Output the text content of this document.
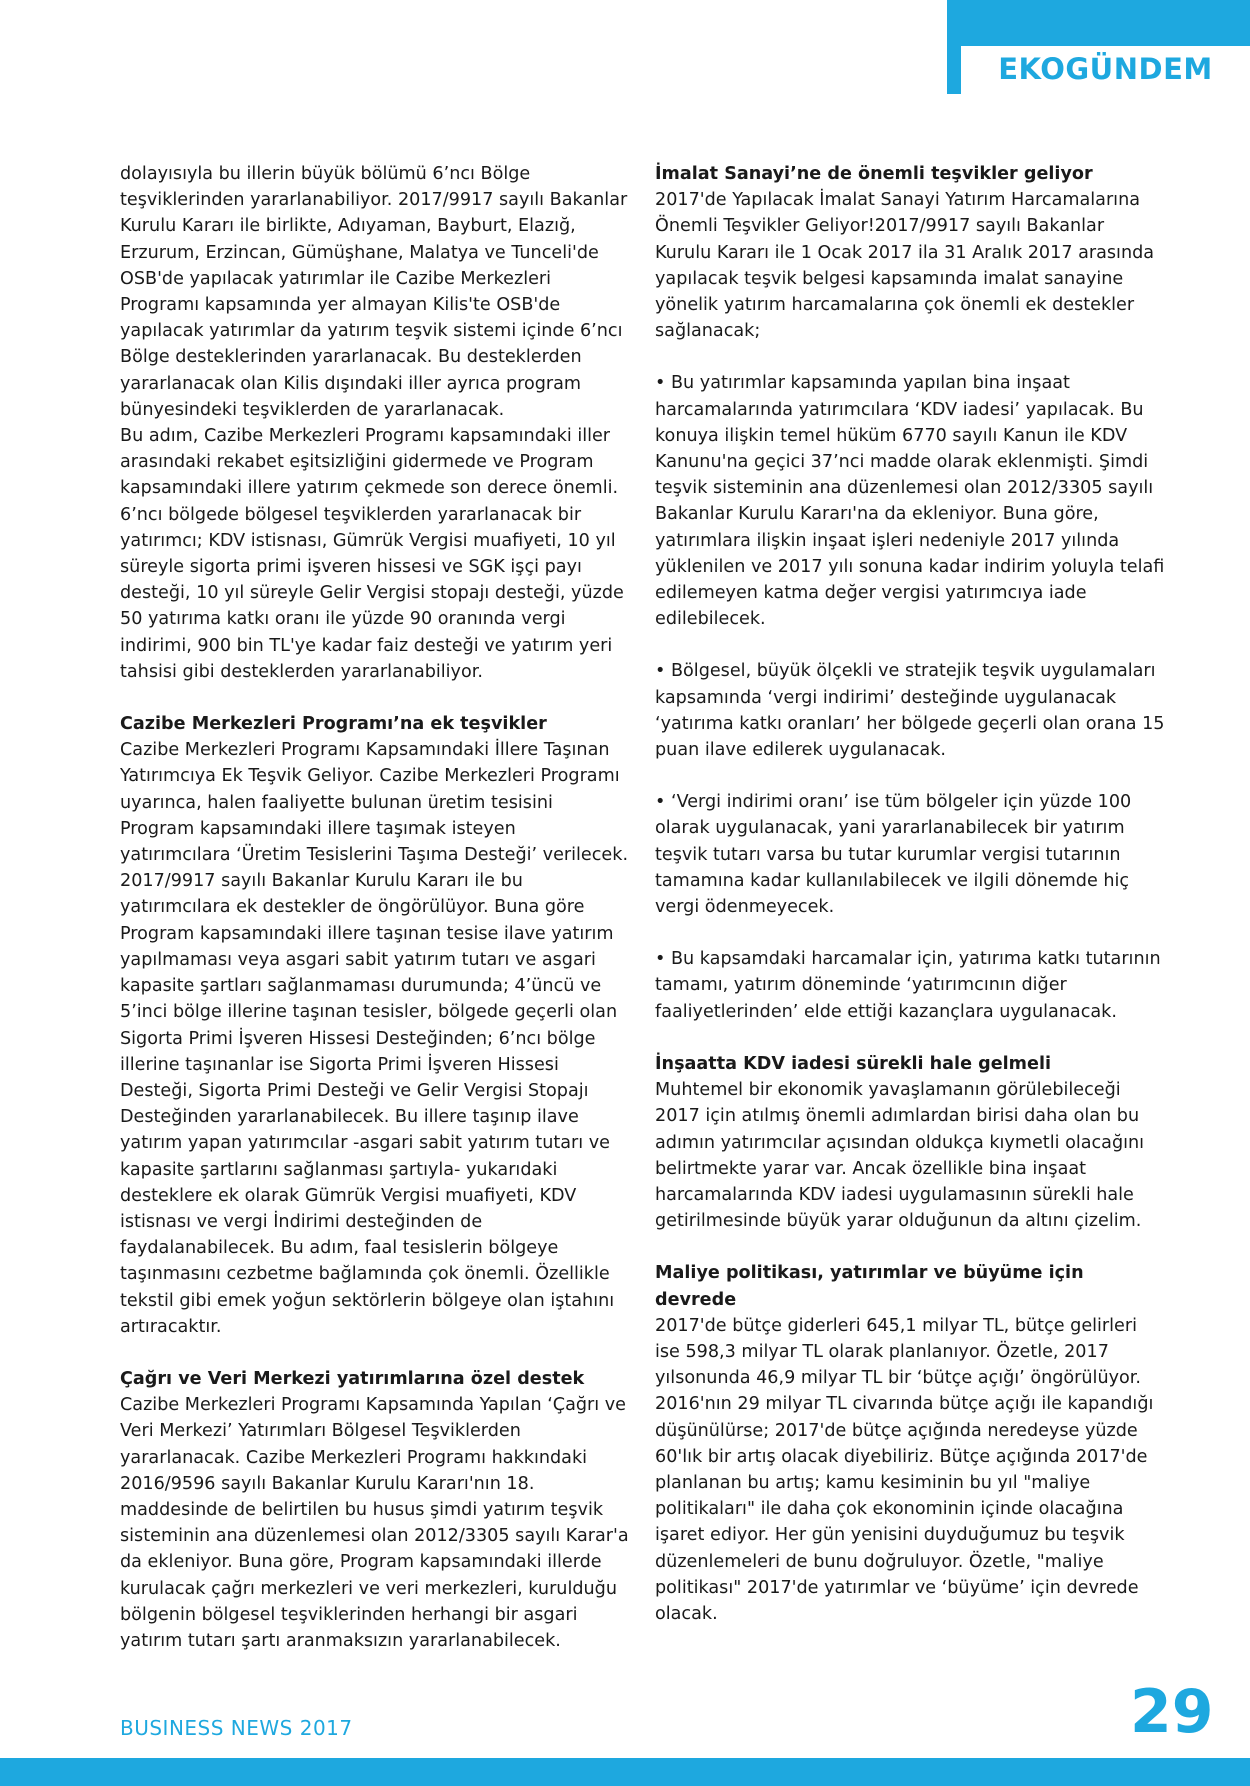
EKOGÜNDEM

dolayısıyla bu illerin büyük bölümü 6’ncı Bölge teşviklerinden yararlanabiliyor. 2017/9917 sayılı Bakanlar Kurulu Kararı ile birlikte, Adıyaman, Bayburt, Elazığ, Erzurum, Erzincan, Gümüşhane, Malatya ve Tunceli'de OSB'de yapılacak yatırımlar ile Cazibe Merkezleri Programı kapsamında yer almayan Kilis'te OSB'de yapılacak yatırımlar da yatırım teşvik sistemi içinde 6’ncı Bölge desteklerinden yararlanacak. Bu desteklerden yararlanacak olan Kilis dışındaki iller ayrıca program bünyesindeki teşviklerden de yararlanacak.
Bu adım, Cazibe Merkezleri Programı kapsamındaki iller arasındaki rekabet eşitsizliğini gidermede ve Program kapsamındaki illere yatırım çekmede son derece önemli.
6’ncı bölgede bölgesel teşviklerden yararlanacak bir yatırımcı; KDV istisnası, Gümrük Vergisi muafiyeti, 10 yıl süreyle sigorta primi işveren hissesi ve SGK işçi payı desteği, 10 yıl süreyle Gelir Vergisi stopajı desteği, yüzde 50 yatırıma katkı oranı ile yüzde 90 oranında vergi indirimi, 900 bin TL'ye kadar faiz desteği ve yatırım yeri tahsisi gibi desteklerden yararlanabiliyor.

Cazibe Merkezleri Programı’na ek teşvikler

Cazibe Merkezleri Programı Kapsamındaki İllere Taşınan Yatırımcıya Ek Teşvik Geliyor. Cazibe Merkezleri Programı uyarınca, halen faaliyette bulunan üretim tesisini Program kapsamındaki illere taşımak isteyen yatırımcılara ‘Üretim Tesislerini Taşıma Desteği’ verilecek. 2017/9917 sayılı Bakanlar Kurulu Kararı ile bu yatırımcılara ek destekler de öngörülüyor. Buna göre Program kapsamındaki illere taşınan tesise ilave yatırım yapılmaması veya asgari sabit yatırım tutarı ve asgari kapasite şartları sağlanmaması durumunda; 4’üncü ve 5’inci bölge illerine taşınan tesisler, bölgede geçerli olan Sigorta Primi İşveren Hissesi Desteğinden; 6’ncı bölge illerine taşınanlar ise Sigorta Primi İşveren Hissesi Desteği, Sigorta Primi Desteği ve Gelir Vergisi Stopajı Desteğinden yararlanabilecek. Bu illere taşınıp ilave yatırım yapan yatırımcılar -asgari sabit yatırım tutarı ve kapasite şartlarını sağlanması şartıyla- yukarıdaki desteklere ek olarak Gümrük Vergisi muafiyeti, KDV istisnası ve vergi İndirimi desteğinden de faydalanabilecek. Bu adım, faal tesislerin bölgeye taşınmasını cezbetme bağlamında çok önemli. Özellikle tekstil gibi emek yoğun sektörlerin bölgeye olan iştahını artıracaktır.

Çağrı ve Veri Merkezi yatırımlarına özel destek

Cazibe Merkezleri Programı Kapsamında Yapılan ‘Çağrı ve Veri Merkezi’ Yatırımları Bölgesel Teşviklerden yararlanacak. Cazibe Merkezleri Programı hakkındaki 2016/9596 sayılı Bakanlar Kurulu Kararı'nın 18. maddesinde de belirtilen bu husus şimdi yatırım teşvik sisteminin ana düzenlemesi olan 2012/3305 sayılı Karar'a da ekleniyor. Buna göre, Program kapsamındaki illerde kurulacak çağrı merkezleri ve veri merkezleri, kurulduğu bölgenin bölgesel teşviklerinden herhangi bir asgari yatırım tutarı şartı aranmaksızın yararlanabilecek.

İmalat Sanayi’ne de önemli teşvikler geliyor

2017'de Yapılacak İmalat Sanayi Yatırım Harcamalarına Önemli Teşvikler Geliyor!2017/9917 sayılı Bakanlar Kurulu Kararı ile 1 Ocak 2017 ila 31 Aralık 2017 arasında yapılacak teşvik belgesi kapsamında imalat sanayine yönelik yatırım harcamalarına çok önemli ek destekler sağlanacak;

• Bu yatırımlar kapsamında yapılan bina inşaat harcamalarında yatırımcılara ‘KDV iadesi’ yapılacak. Bu konuya ilişkin temel hüküm 6770 sayılı Kanun ile KDV Kanunu'na geçici 37’nci madde olarak eklenmişti. Şimdi teşvik sisteminin ana düzenlemesi olan 2012/3305 sayılı Bakanlar Kurulu Kararı'na da ekleniyor. Buna göre, yatırımlara ilişkin inşaat işleri nedeniyle 2017 yılında yüklenilen ve 2017 yılı sonuna kadar indirim yoluyla telafi edilemeyen katma değer vergisi yatırımcıya iade edilebilecek.

• Bölgesel, büyük ölçekli ve stratejik teşvik uygulamaları kapsamında ‘vergi indirimi’ desteğinde uygulanacak ‘yatırıma katkı oranları’ her bölgede geçerli olan orana 15 puan ilave edilerek uygulanacak.

• ‘Vergi indirimi oranı’ ise tüm bölgeler için yüzde 100 olarak uygulanacak, yani yararlanabilecek bir yatırım teşvik tutarı varsa bu tutar kurumlar vergisi tutarının tamamına kadar kullanılabilecek ve ilgili dönemde hiç vergi ödenmeyecek.

• Bu kapsamdaki harcamalar için, yatırıma katkı tutarının tamamı, yatırım döneminde ‘yatırımcının diğer faaliyetlerinden’ elde ettiği kazançlara uygulanacak.

İnşaatta KDV iadesi sürekli hale gelmeli

Muhtemel bir ekonomik yavaşlamanın görülebileceği 2017 için atılmış önemli adımlardan birisi daha olan bu adımın yatırımcılar açısından oldukça kıymetli olacağını belirtmekte yarar var. Ancak özellikle bina inşaat harcamalarında KDV iadesi uygulamasının sürekli hale getirilmesinde büyük yarar olduğunun da altını çizelim.

Maliye politikası, yatırımlar ve büyüme için devrede

2017'de bütçe giderleri 645,1 milyar TL, bütçe gelirleri ise 598,3 milyar TL olarak planlanıyor. Özetle, 2017 yılsonunda 46,9 milyar TL bir ‘bütçe açığı’ öngörülüyor. 2016'nın 29 milyar TL civarında bütçe açığı ile kapandığı düşünülürse; 2017'de bütçe açığında neredeyse yüzde 60'lık bir artış olacak diyebiliriz. Bütçe açığında 2017'de planlanan bu artış; kamu kesiminin bu yıl "maliye politikaları" ile daha çok ekonominin içinde olacağına işaret ediyor. Her gün yenisini duyduğumuz bu teşvik düzenlemeleri de bunu doğruluyor. Özetle, "maliye politikası" 2017'de yatırımlar ve ‘büyüme’ için devrede olacak.

BUSINESS NEWS 2017	29
